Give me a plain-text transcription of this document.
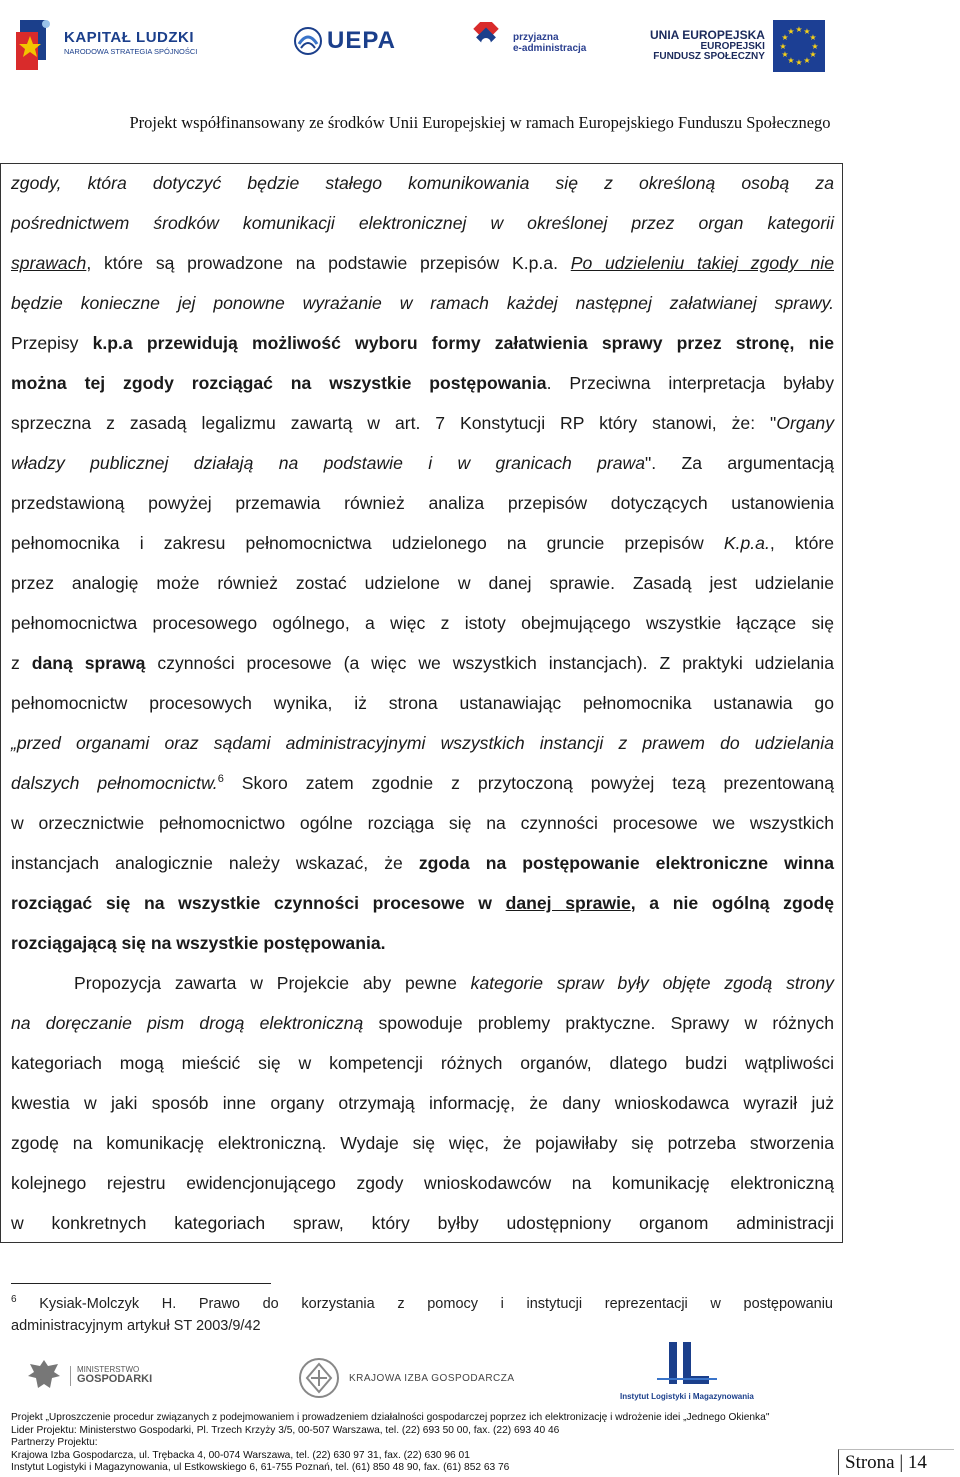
KAPITAŁ LUDZKI
NARODOWA STRATEGIA SPÓJNOŚCI	UEPA	przyjazna
e-administracja
UNIA EUROPEJSKA
EUROPEJSKI
FUNDUSZ SPOŁECZNY
★ ★
★
★
★
★
★
★
★
★
★
★
Projekt współfinansowany ze środków Unii Europejskiej w ramach Europejskiego Funduszu Społecznego

zgody, która dotyczyć będzie stałego komunikowania się z określoną osobą za

pośrednictwem środków komunikacji elektronicznej w określonej przez organ kategorii

sprawach, które są prowadzone na podstawie przepisów K.p.a. Po udzieleniu takiej zgody nie

będzie konieczne jej ponowne wyrażanie w ramach każdej następnej załatwianej sprawy.

Przepisy k.p.a przewidują możliwość wyboru formy załatwienia sprawy przez stronę, nie

można tej zgody rozciągać na wszystkie postępowania. Przeciwna interpretacja byłaby

sprzeczna z zasadą legalizmu zawartą w art. 7 Konstytucji RP który stanowi, że: "Organy

władzy publicznej działają na podstawie i w granicach prawa". Za argumentacją

przedstawioną powyżej przemawia również analiza przepisów dotyczących ustanowienia

pełnomocnika i zakresu pełnomocnictwa udzielonego na gruncie przepisów K.p.a., które

przez analogię może również zostać udzielone w danej sprawie. Zasadą jest udzielanie

pełnomocnictwa procesowego ogólnego, a więc z istoty obejmującego wszystkie łączące się

z daną sprawą czynności procesowe (a więc we wszystkich instancjach). Z praktyki udzielania

pełnomocnictw procesowych wynika, iż strona ustanawiając pełnomocnika ustanawia go

„przed organami oraz sądami administracyjnymi wszystkich instancji z prawem do udzielania

dalszych pełnomocnictw.$^6$ Skoro zatem zgodnie z przytoczoną powyżej tezą prezentowaną

w orzecznictwie pełnomocnictwo ogólne rozciąga się na czynności procesowe we wszystkich

instancjach analogicznie należy wskazać, że zgoda na postępowanie elektroniczne winna

rozciągać się na wszystkie czynności procesowe w danej sprawie, a nie ogólną zgodę

rozciągającą się na wszystkie postępowania.

Propozycja zawarta w Projekcie aby pewne kategorie spraw były objęte zgodą strony

na doręczanie pism drogą elektroniczną spowoduje problemy praktyczne. Sprawy w różnych

kategoriach mogą mieścić się w kompetencji różnych organów, dlatego budzi wątpliwości

kwestia w jaki sposób inne organy otrzymają informację, że dany wnioskodawca wyraził już

zgodę na komunikację elektroniczną. Wydaje się więc, że pojawiłaby się potrzeba stworzenia

kolejnego rejestru ewidencjonującego zgody wnioskodawców na komunikację elektroniczną

w konkretnych kategoriach spraw, który byłby udostępniony organom administracji

$^6$ Kysiak-Molczyk H. Prawo do korzystania z pomocy i instytucji reprezentacji w postępowaniu
administracyjnym artykuł ST 2003/9/42
MINISTERSTWO
GOSPODARKI	KRAJOWA IZBA GOSPODARCZA
Instytut Logistyki i Magazynowania
Projekt „Uproszczenie procedur związanych z podejmowaniem i prowadzeniem działalności gospodarczej poprzez ich elektronizację i wdrożenie idei „Jednego Okienka"
Lider Projektu: Ministerstwo Gospodarki, Pl. Trzech Krzyży 3/5, 00-507 Warszawa, tel. (22) 693 50 00, fax. (22) 693 40 46
Partnerzy Projektu:
Krajowa Izba Gospodarcza, ul. Trębacka 4, 00-074 Warszawa, tel. (22) 630 97 31, fax. (22) 630 96 01
Instytut Logistyki i Magazynowania, ul Estkowskiego 6, 61-755 Poznań, tel. (61) 850 48 90, fax. (61) 852 63 76	Strona | 14
